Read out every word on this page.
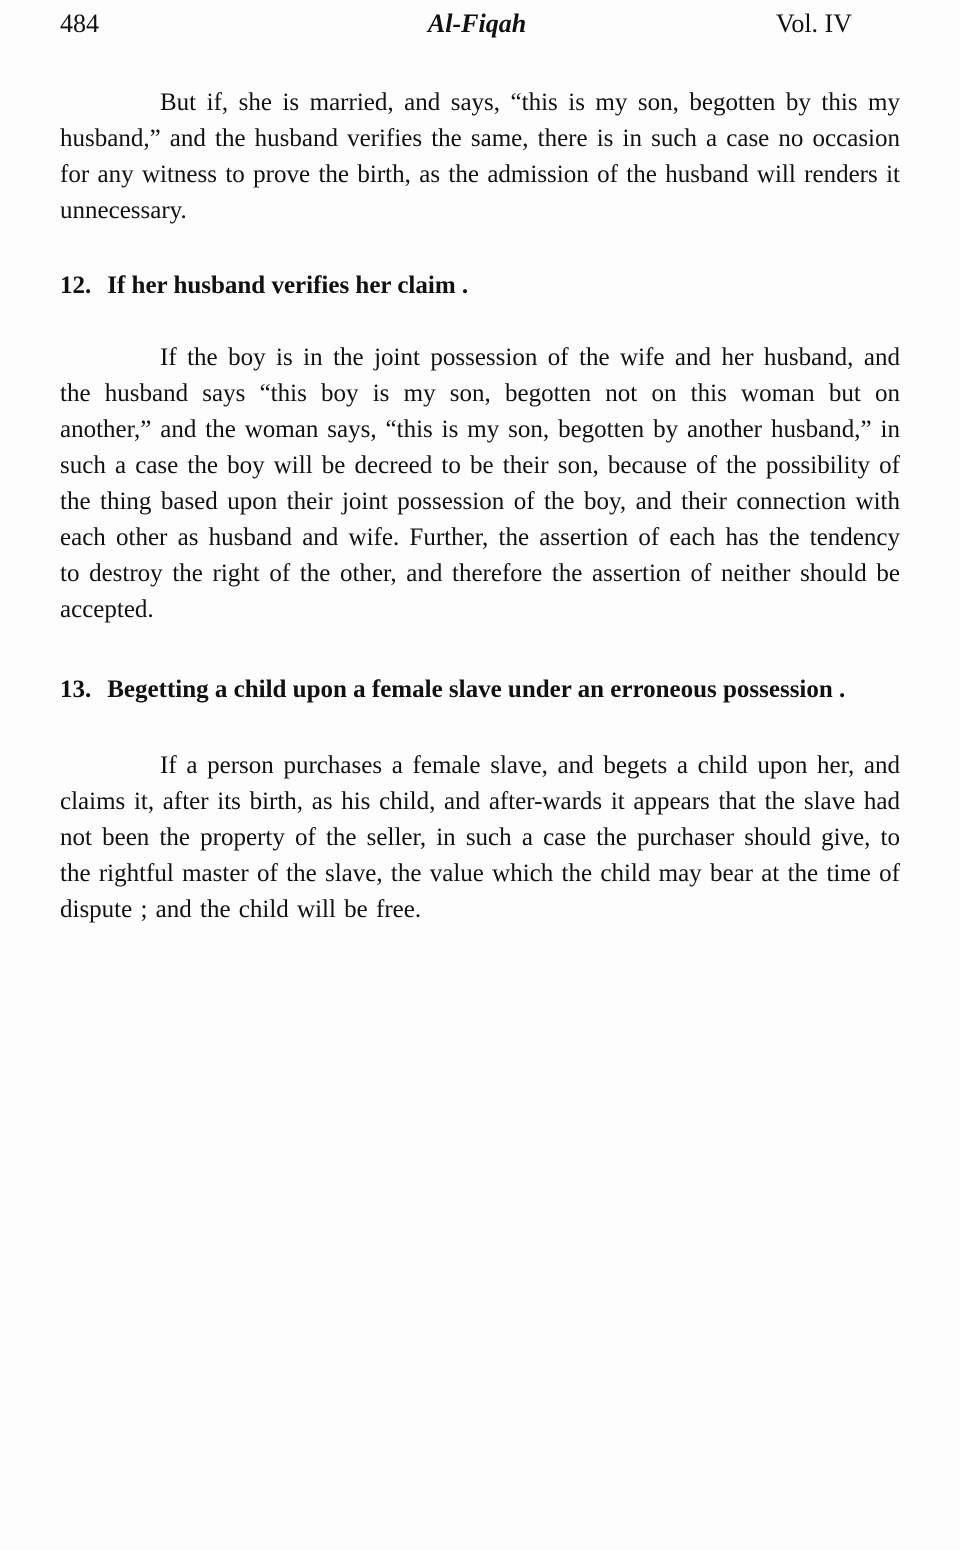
484	Al-Fiqah	Vol. IV

But if, she is married, and says, “this is my son, begotten by this my husband,” and the husband verifies the same, there is in such a case no occasion for any witness to prove the birth, as the admission of the husband will renders it unnecessary.

12. If her husband verifies her claim .

If the boy is in the joint possession of the wife and her husband, and the husband says “this boy is my son, begotten not on this woman but on another,” and the woman says, “this is my son, begotten by another husband,” in such a case the boy will be decreed to be their son, because of the possibility of the thing based upon their joint possession of the boy, and their connection with each other as husband and wife. Further, the assertion of each has the tendency to destroy the right of the other, and therefore the assertion of neither should be accepted.

13. Begetting a child upon a female slave under an erroneous possession .

If a person purchases a female slave, and begets a child upon her, and claims it, after its birth, as his child, and after-wards it appears that the slave had not been the property of the seller, in such a case the purchaser should give, to the rightful master of the slave, the value which the child may bear at the time of dispute ; and the child will be free.
